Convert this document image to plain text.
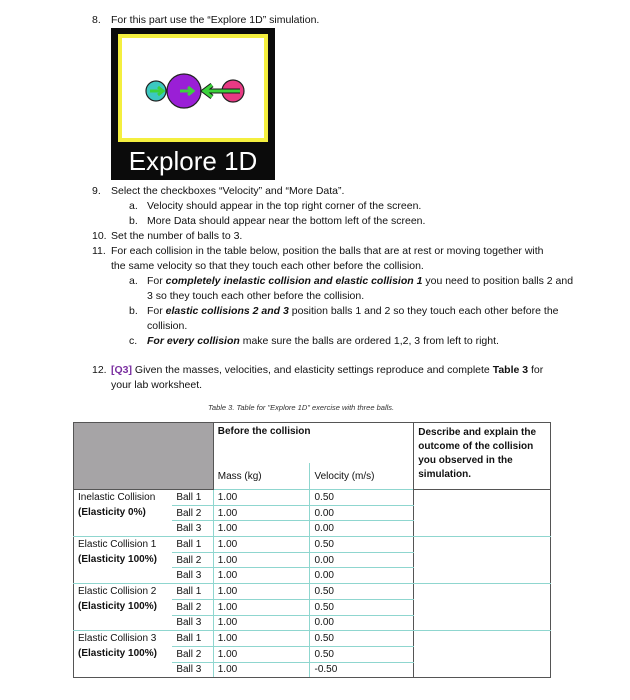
8. For this part use the “Explore 1D” simulation.
Explore 1D
9. Select the checkboxes “Velocity” and “More Data”.
a. Velocity should appear in the top right corner of the screen.
b. More Data should appear near the bottom left of the screen.
10. Set the number of balls to 3.
11. For each collision in the table below, position the balls that are at rest or moving together with
the same velocity so that they touch each other before the collision.
a. For completely inelastic collision and elastic collision 1 you need to position balls 2 and
3 so they touch each other before the collision.
b. For elastic collisions 2 and 3 position balls 1 and 2 so they touch each other before the
collision.
c. For every collision make sure the balls are ordered 1,2, 3 from left to right.
12. [Q3] Given the masses, velocities, and elasticity settings reproduce and complete Table 3 for
your lab worksheet.
Table 3. Table for "Explore 1D" exercise with three balls.
		Before the collision		Describe and explain the outcome of the collision you observed in the simulation.
		Mass (kg)	Velocity (m/s)	

Inelastic Collision
(Elasticity 0%)	Ball 1	1.00	0.50	
	Ball 2	1.00	0.00	
	Ball 3	1.00	0.00	

Elastic Collision 1
(Elasticity 100%)	Ball 1	1.00	0.50	
	Ball 2	1.00	0.00	
	Ball 3	1.00	0.00	

Elastic Collision 2
(Elasticity 100%)	Ball 1	1.00	0.50	
	Ball 2	1.00	0.50	
	Ball 3	1.00	0.00	

Elastic Collision 3
(Elasticity 100%)	Ball 1	1.00	0.50	
	Ball 2	1.00	0.50	
	Ball 3	1.00	-0.50	
